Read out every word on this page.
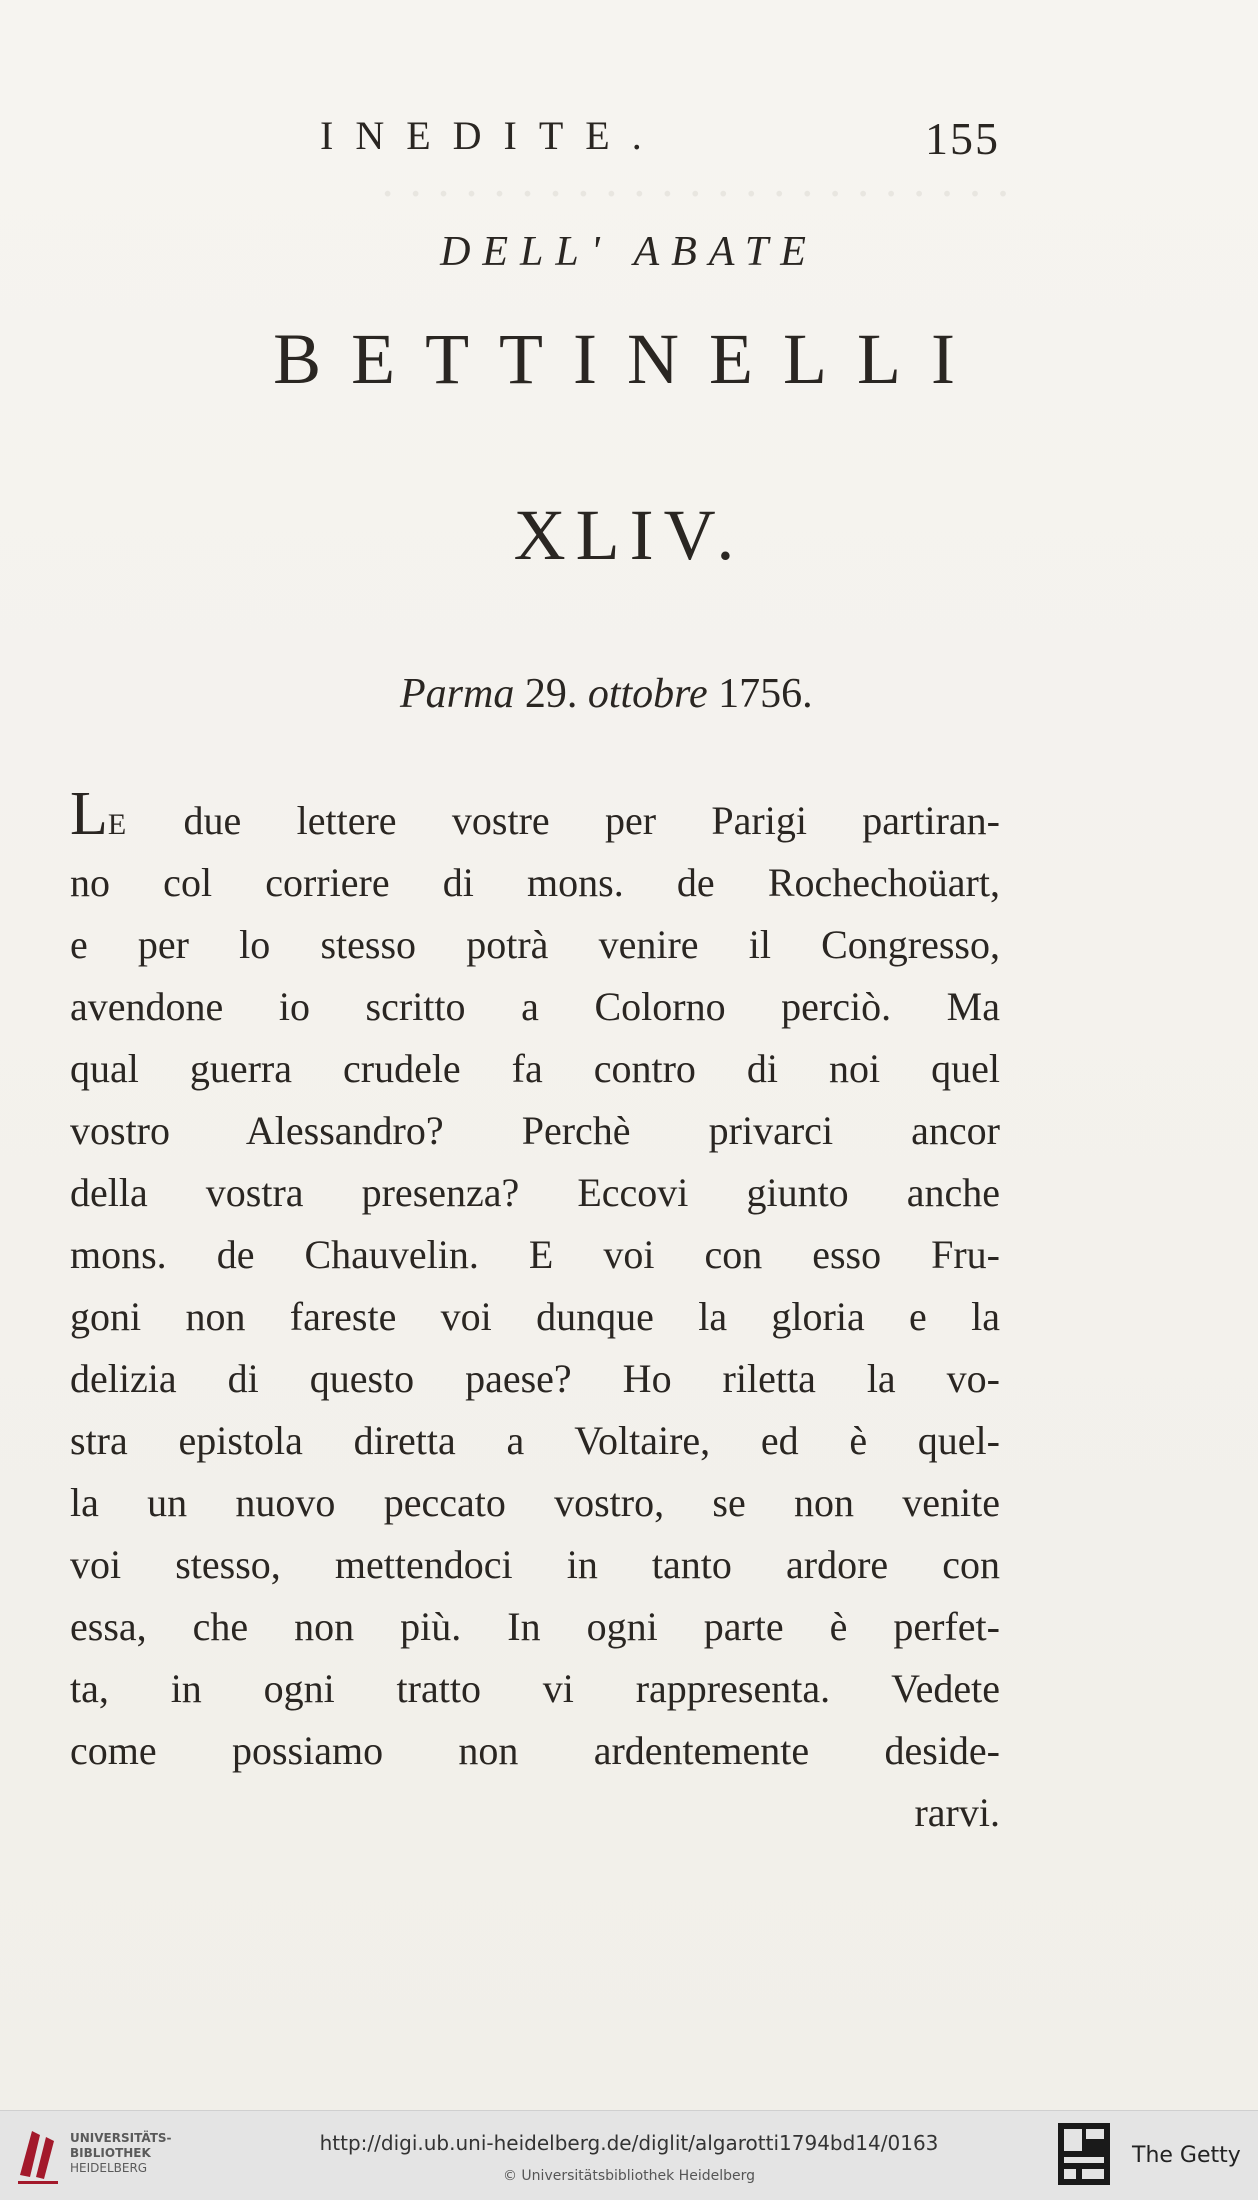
. . . . . . . . . . . . . . . . . . . . . . .
INEDITE.	155
DELL' ABATE
BETTINELLI
XLIV.
Parma 29. ottobre 1756.
LE due lettere vostre per Parigi partiran-
no col corriere di mons. de Rochechoüart,
e per lo stesso potrà venire il Congresso,
avendone io scritto a Colorno perciò. Ma
qual guerra crudele fa contro di noi quel
vostro Alessandro? Perchè privarci ancor
della vostra presenza? Eccovi giunto anche
mons. de Chauvelin. E voi con esso Fru-
goni non fareste voi dunque la gloria e la
delizia di questo paese? Ho riletta la vo-
stra epistola diretta a Voltaire, ed è quel-
la un nuovo peccato vostro, se non venite
voi stesso, mettendoci in tanto ardore con
essa, che non più. In ogni parte è perfet-
ta, in ogni tratto vi rappresenta. Vedete
come possiamo non ardentemente deside-
rarvi.
UNIVERSITÄTS-
BIBLIOTHEK
HEIDELBERG
http://digi.ub.uni-heidelberg.de/diglit/algarotti1794bd14/0163
© Universitätsbibliothek Heidelberg
The Getty
